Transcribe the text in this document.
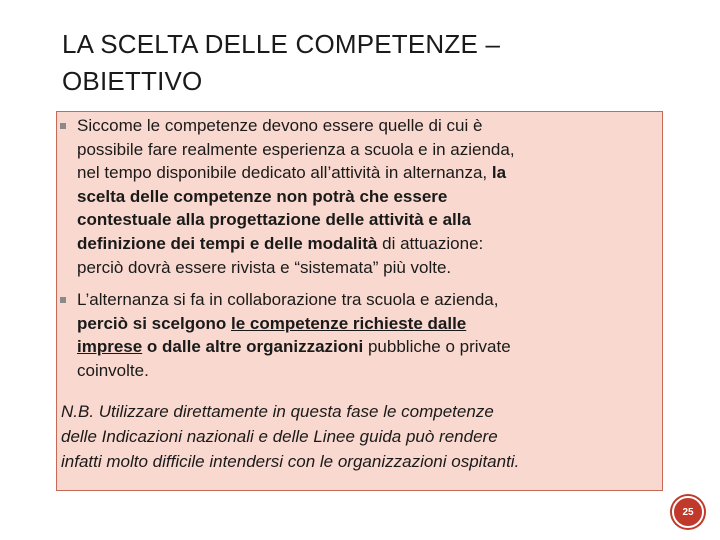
LA SCELTA DELLE COMPETENZE –
OBIETTIVO
Siccome le competenze devono essere quelle di cui è
possibile fare realmente esperienza a scuola e in azienda,
nel tempo disponibile dedicato all’attività in alternanza, la
scelta delle competenze non potrà che essere
contestuale alla progettazione delle attività e alla
definizione dei tempi e delle modalità di attuazione:
perciò dovrà essere rivista e “sistemata” più volte.
L’alternanza si fa in collaborazione tra scuola e azienda,
perciò si scelgono le competenze richieste dalle
imprese o dalle altre organizzazioni pubbliche o private
coinvolte.
N.B. Utilizzare direttamente in questa fase le competenze
delle Indicazioni nazionali e delle Linee guida può rendere
infatti molto difficile intendersi con le organizzazioni ospitanti.
25
